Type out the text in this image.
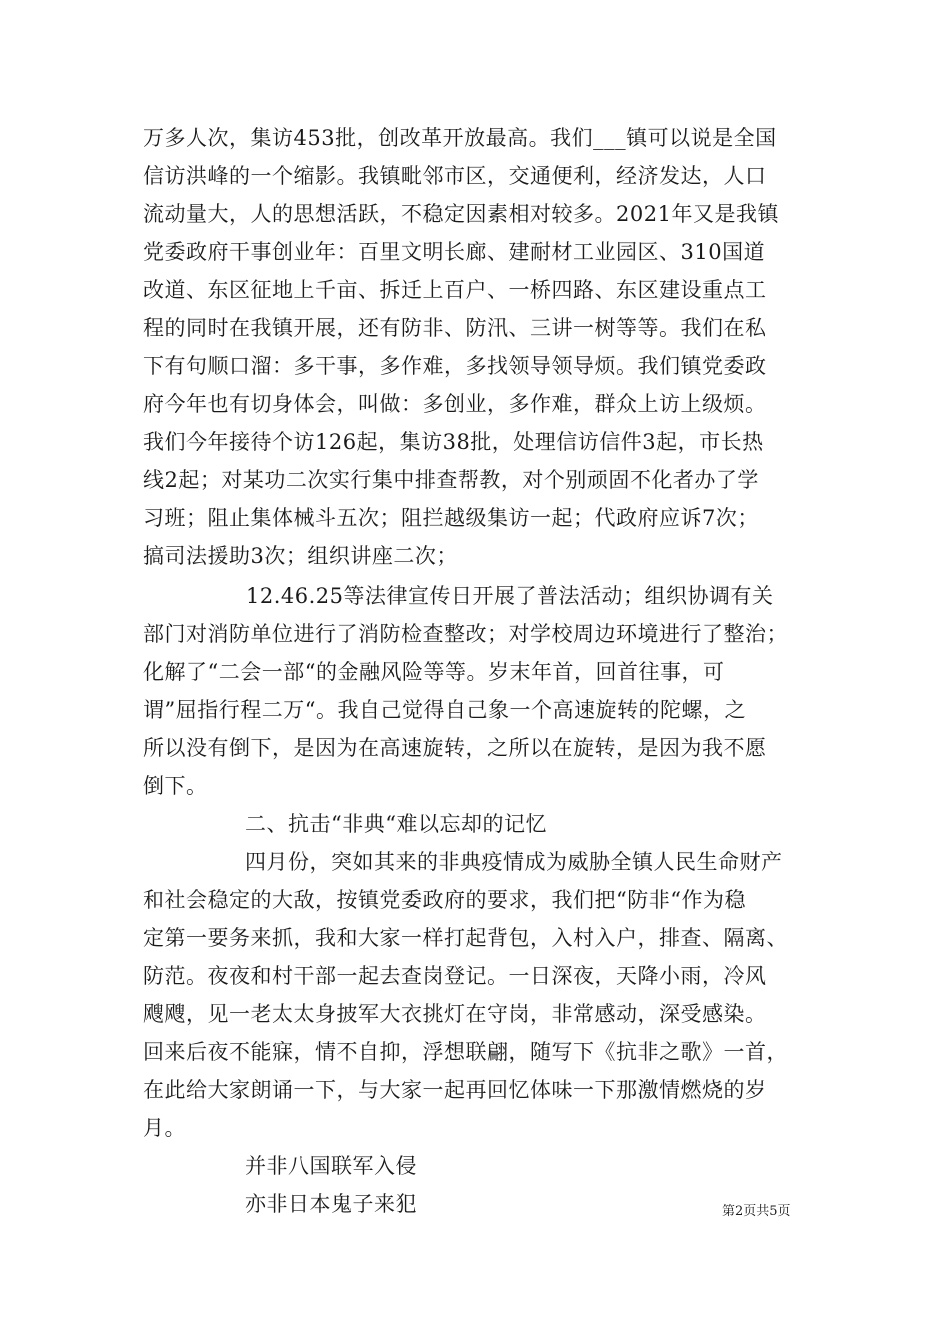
万多人次，集访453批，创改革开放最高。我们___镇可以说是全国
信访洪峰的一个缩影。我镇毗邻市区，交通便利，经济发达，人口
流动量大，人的思想活跃，不稳定因素相对较多。2021年又是我镇
党委政府干事创业年：百里文明长廊、建耐材工业园区、310国道
改道、东区征地上千亩、拆迁上百户、一桥四路、东区建设重点工
程的同时在我镇开展，还有防非、防汛、三讲一树等等。我们在私
下有句顺口溜：多干事，多作难，多找领导领导烦。我们镇党委政
府今年也有切身体会，叫做：多创业，多作难，群众上访上级烦。
我们今年接待个访126起，集访38批，处理信访信件3起，市长热
线2起；对某功二次实行集中排查帮教，对个别顽固不化者办了学
习班；阻止集体械斗五次；阻拦越级集访一起；代政府应诉7次；
搞司法援助3次；组织讲座二次；
12.46.25等法律宣传日开展了普法活动；组织协调有关
部门对消防单位进行了消防检查整改；对学校周边环境进行了整治；
化解了“二会一部“的金融风险等等。岁末年首，回首往事，可
谓”屈指行程二万“。我自己觉得自己象一个高速旋转的陀螺，之
所以没有倒下，是因为在高速旋转，之所以在旋转，是因为我不愿
倒下。
二、抗击“非典“难以忘却的记忆
四月份，突如其来的非典疫情成为威胁全镇人民生命财产
和社会稳定的大敌，按镇党委政府的要求，我们把“防非“作为稳
定第一要务来抓，我和大家一样打起背包，入村入户，排查、隔离、
防范。夜夜和村干部一起去查岗登记。一日深夜，天降小雨，冷风
飕飕，见一老太太身披军大衣挑灯在守岗，非常感动，深受感染。
回来后夜不能寐，情不自抑，浮想联翩，随写下《抗非之歌》一首，
在此给大家朗诵一下，与大家一起再回忆体味一下那激情燃烧的岁
月。
并非八国联军入侵
亦非日本鬼子来犯	第2页共5页
